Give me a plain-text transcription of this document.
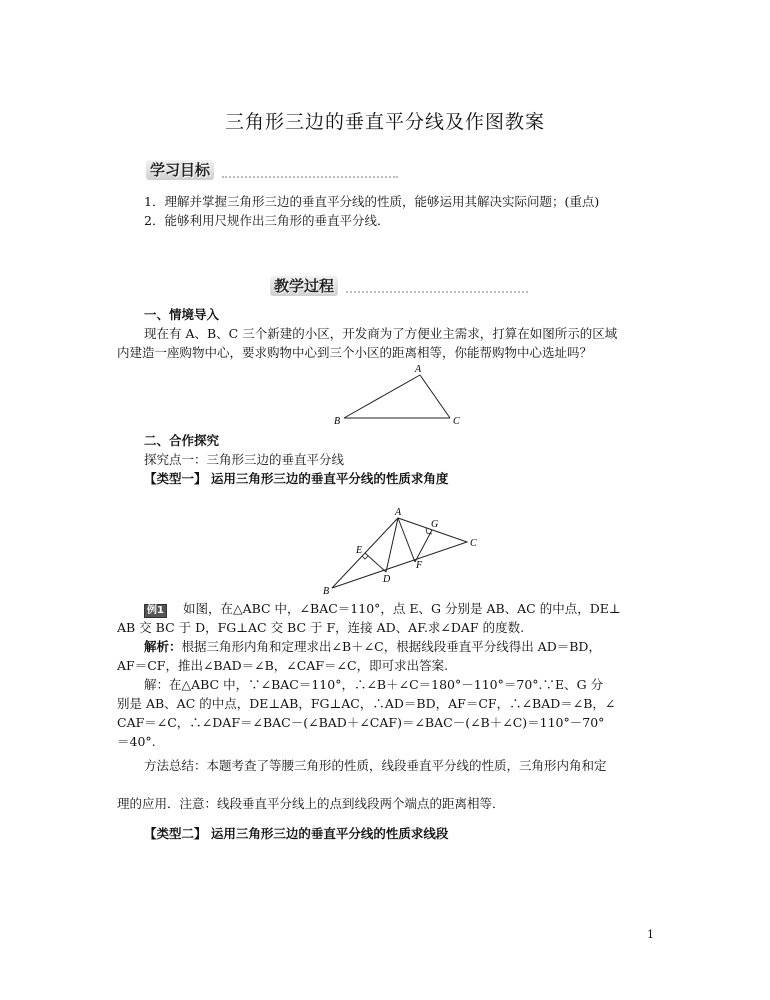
三角形三边的垂直平分线及作图教案
学习目标
1．理解并掌握三角形三边的垂直平分线的性质，能够运用其解决实际问题；(重点)
2．能够利用尺规作出三角形的垂直平分线．
教学过程
一、情境导入
现在有 A、B、C 三个新建的小区，开发商为了方便业主需求，打算在如图所示的区域
内建造一座购物中心，要求购物中心到三个小区的距离相等，你能帮购物中心选址吗？
A
B	C
二、合作探究
探究点一：三角形三边的垂直平分线
【类型一】 运用三角形三边的垂直平分线的性质求角度
A
B
C
D
E
F
G
例1 如图，在△ABC 中，∠BAC＝110°，点 E、G 分别是 AB、AC 的中点，DE⊥
AB 交 BC 于 D，FG⊥AC 交 BC 于 F，连接 AD、AF.求∠DAF 的度数.
解析：根据三角形内角和定理求出∠B＋∠C，根据线段垂直平分线得出 AD＝BD，
AF＝CF，推出∠BAD＝∠B，∠CAF＝∠C，即可求出答案.
解：在△ABC 中，∵∠BAC＝110°，∴∠B＋∠C＝180°－110°＝70°.∵E、G 分
别是 AB、AC 的中点，DE⊥AB，FG⊥AC，∴AD＝BD，AF＝CF，∴∠BAD＝∠B，∠
CAF＝∠C，∴∠DAF＝∠BAC－(∠BAD＋∠CAF)＝∠BAC－(∠B＋∠C)＝110°－70°
＝40°.
方法总结：本题考查了等腰三角形的性质，线段垂直平分线的性质，三角形内角和定
理的应用．注意：线段垂直平分线上的点到线段两个端点的距离相等．
【类型二】 运用三角形三边的垂直平分线的性质求线段
1
